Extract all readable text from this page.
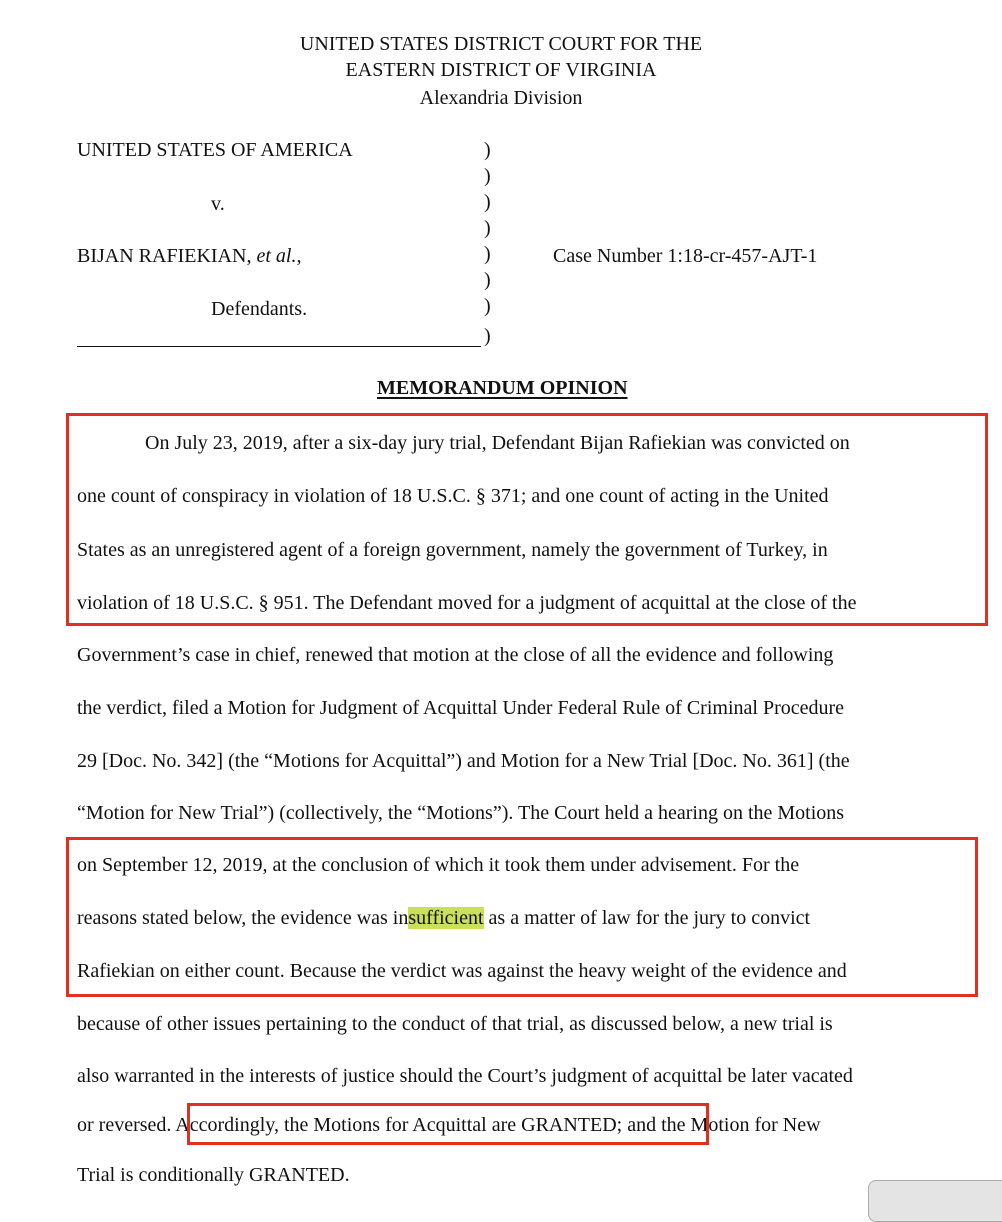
UNITED STATES DISTRICT COURT FOR THE
EASTERN DISTRICT OF VIRGINIA
Alexandria Division
UNITED STATES OF AMERICA
v.
BIJAN RAFIEKIAN, et al.,
Defendants.
Case Number 1:18-cr-457-AJT-1
)
)
)
)
)
)
)
)
MEMORANDUM OPINION
On July 23, 2019, after a six-day jury trial, Defendant Bijan Rafiekian was convicted on
one count of conspiracy in violation of 18 U.S.C. § 371; and one count of acting in the United
States as an unregistered agent of a foreign government, namely the government of Turkey, in
violation of 18 U.S.C. § 951. The Defendant moved for a judgment of acquittal at the close of the
Government’s case in chief, renewed that motion at the close of all the evidence and following
the verdict, filed a Motion for Judgment of Acquittal Under Federal Rule of Criminal Procedure
29 [Doc. No. 342] (the “Motions for Acquittal”) and Motion for a New Trial [Doc. No. 361] (the
“Motion for New Trial”) (collectively, the “Motions”). The Court held a hearing on the Motions
on September 12, 2019, at the conclusion of which it took them under advisement. For the
reasons stated below, the evidence was insufficient as a matter of law for the jury to convict
Rafiekian on either count. Because the verdict was against the heavy weight of the evidence and
because of other issues pertaining to the conduct of that trial, as discussed below, a new trial is
also warranted in the interests of justice should the Court’s judgment of acquittal be later vacated
or reversed. Accordingly, the Motions for Acquittal are GRANTED; and the Motion for New
Trial is conditionally GRANTED.
